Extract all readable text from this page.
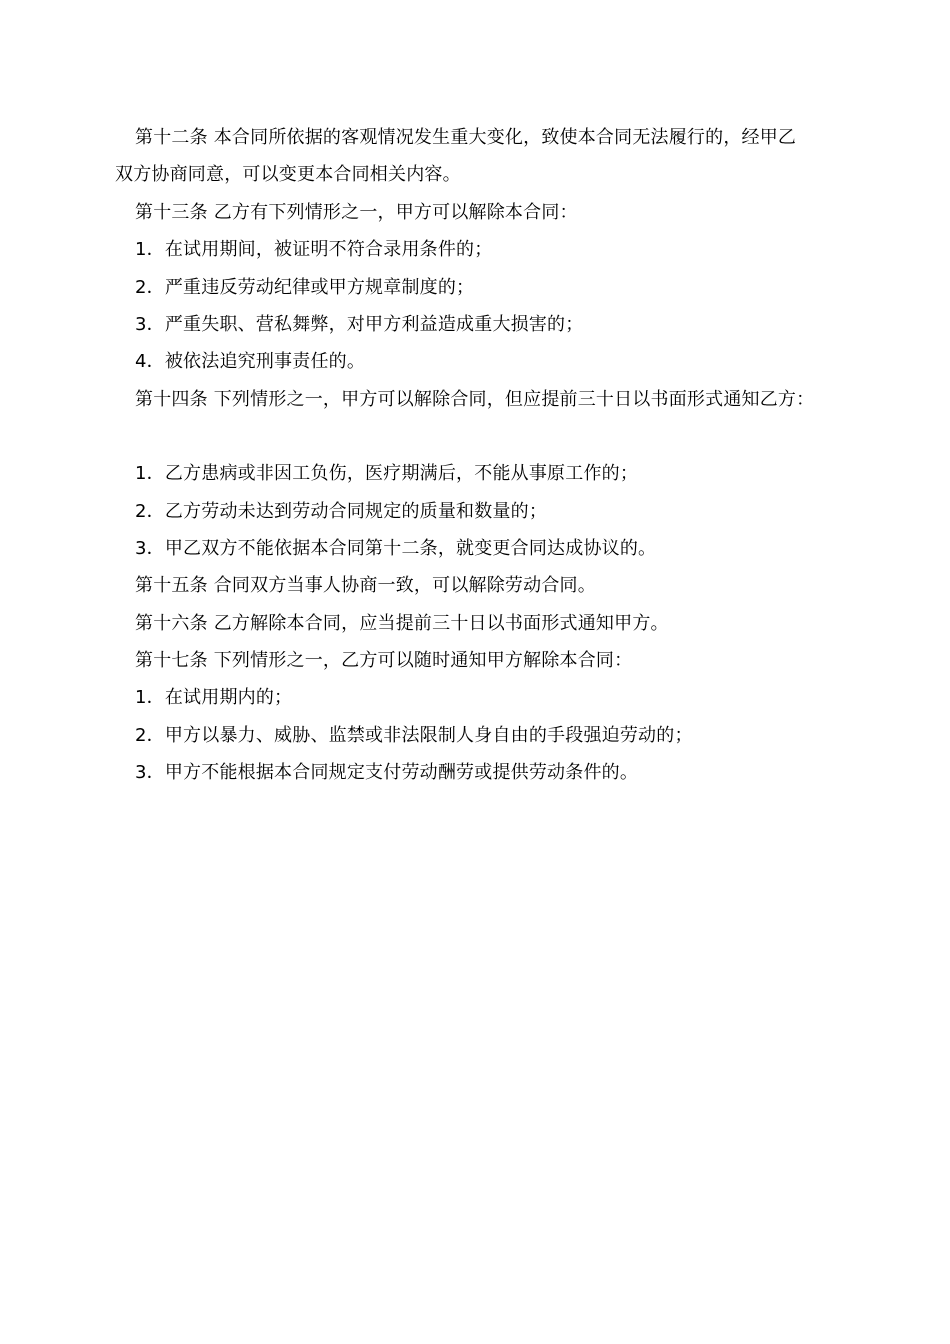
第十二条 本合同所依据的客观情况发生重大变化，致使本合同无法履行的，经甲乙
双方协商同意，可以变更本合同相关内容。
第十三条 乙方有下列情形之一，甲方可以解除本合同：
1．在试用期间，被证明不符合录用条件的；
2．严重违反劳动纪律或甲方规章制度的；
3．严重失职、营私舞弊，对甲方利益造成重大损害的；
4．被依法追究刑事责任的。
第十四条 下列情形之一，甲方可以解除合同，但应提前三十日以书面形式通知乙方：
1．乙方患病或非因工负伤，医疗期满后，不能从事原工作的；
2．乙方劳动未达到劳动合同规定的质量和数量的；
3．甲乙双方不能依据本合同第十二条，就变更合同达成协议的。
第十五条 合同双方当事人协商一致，可以解除劳动合同。
第十六条 乙方解除本合同，应当提前三十日以书面形式通知甲方。
第十七条 下列情形之一，乙方可以随时通知甲方解除本合同：
1．在试用期内的；
2．甲方以暴力、威胁、监禁或非法限制人身自由的手段强迫劳动的；
3．甲方不能根据本合同规定支付劳动酬劳或提供劳动条件的。
